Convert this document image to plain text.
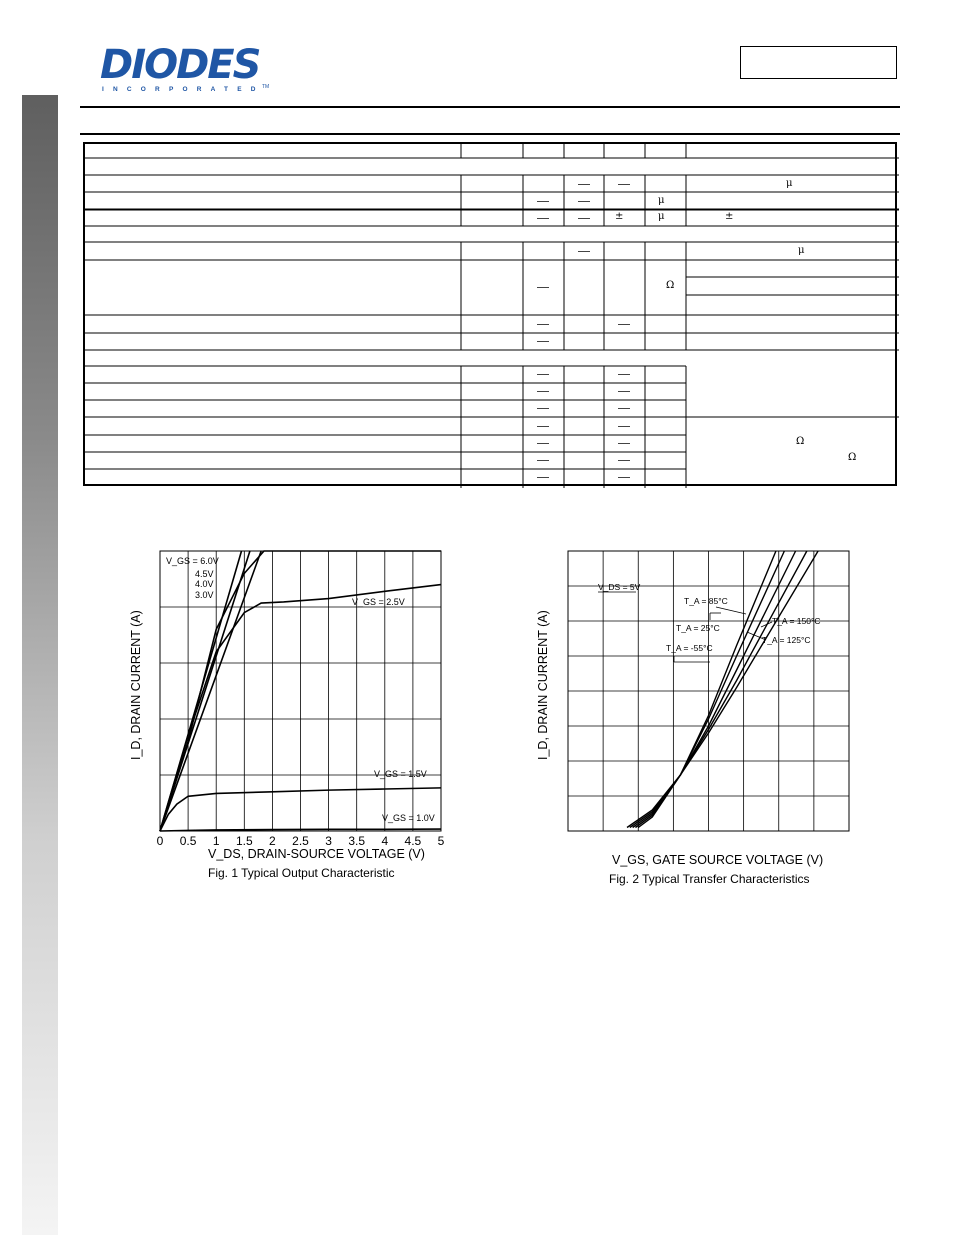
DIODES
INCORPORATED
TM
μ
μ
±	μ	±
μ
Ω
Ω
Ω
0 0.5 1 1.5 2 2.5 3 3.5 4 4.5 5
V_DS, DRAIN-SOURCE VOLTAGE (V)
Fig. 1 Typical Output Characteristic
I_D, DRAIN CURRENT (A)
V_GS = 6.0V
4.5V
4.0V
3.0V
V_GS = 2.5V
V_GS = 1.5V
V_GS = 1.0V
V_GS, GATE SOURCE VOLTAGE (V)
Fig. 2 Typical Transfer Characteristics
I_D, DRAIN CURRENT (A)
V_DS = 5V
T_A = 85°C
T_A = 25°C
T_A = -55°C
T_A = 150°C
T_A = 125°C
